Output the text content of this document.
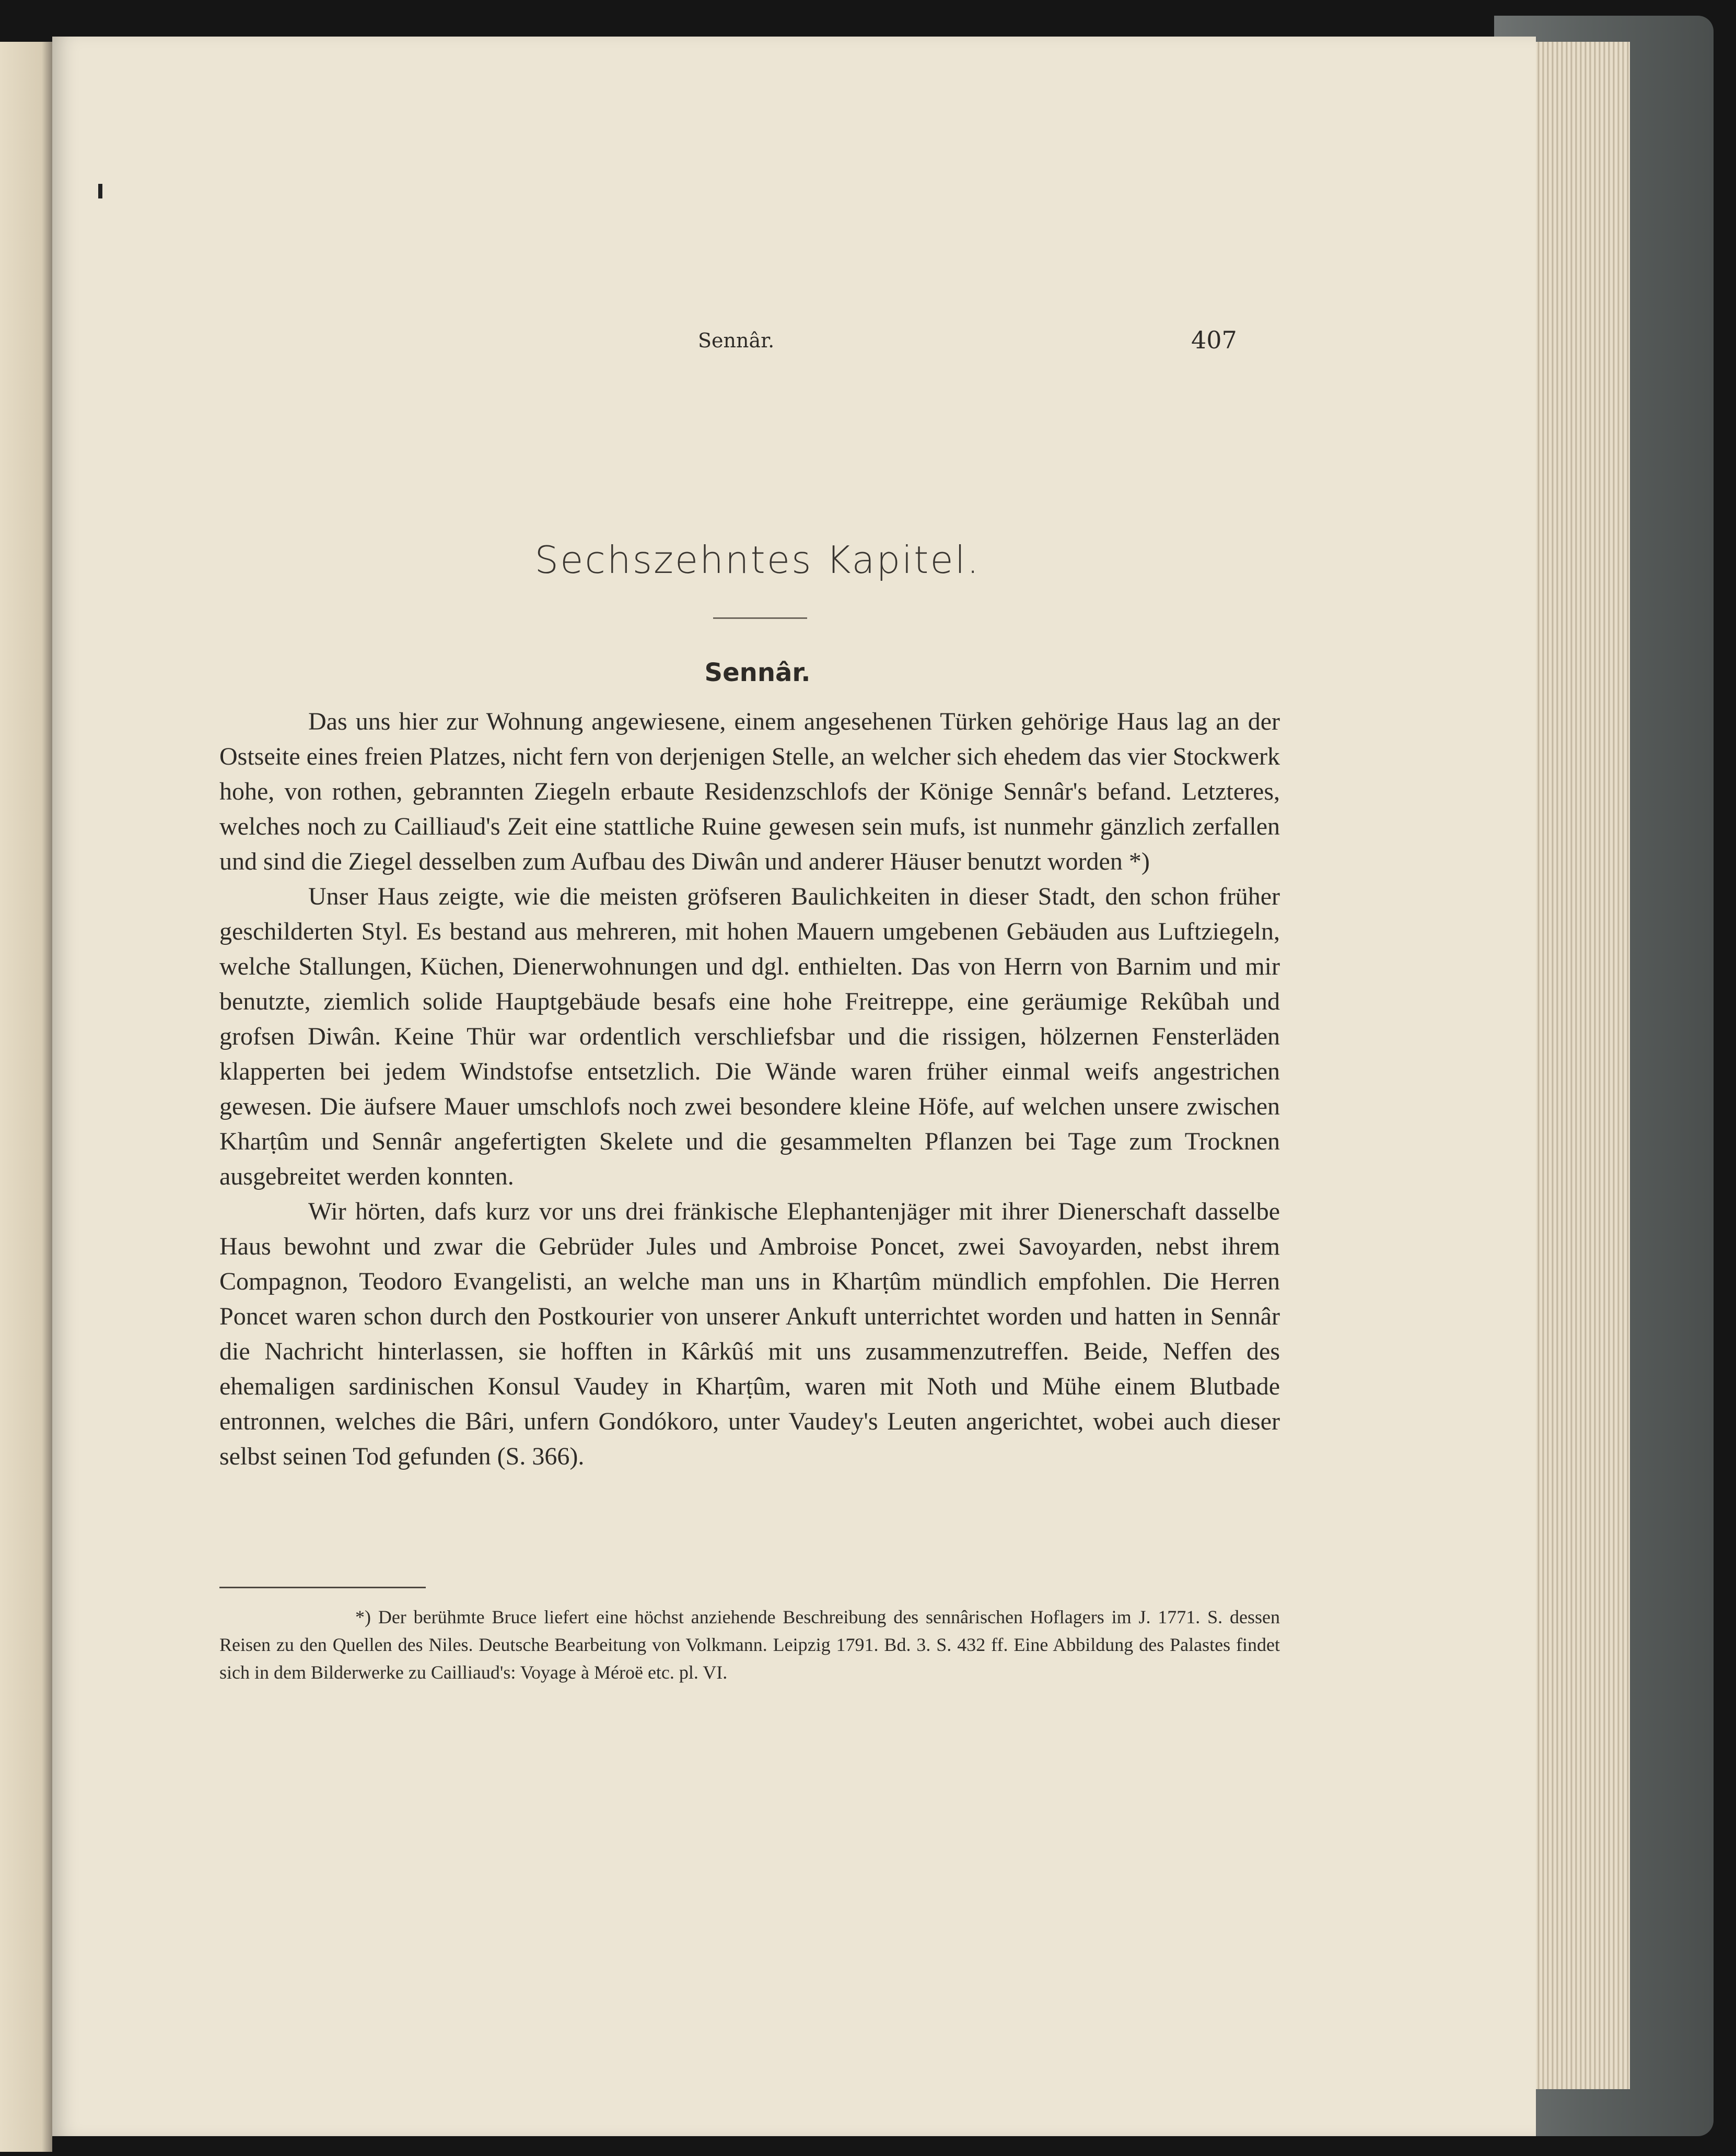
Sennâr.	407
Sechszehntes Kapitel.
Sennâr.

Das uns hier zur Wohnung angewiesene, einem angesehenen Türken gehörige Haus lag an der Ostseite eines freien Platzes, nicht fern von derjenigen Stelle, an welcher sich ehedem das vier Stockwerk hohe, von rothen, gebrannten Ziegeln erbaute Residenzschlofs der Könige Sennâr's befand. Letzteres, welches noch zu Cailliaud's Zeit eine stattliche Ruine gewesen sein mufs, ist nunmehr gänzlich zerfallen und sind die Ziegel desselben zum Aufbau des Diwân und anderer Häuser benutzt worden *)

Unser Haus zeigte, wie die meisten gröfseren Baulichkeiten in dieser Stadt, den schon früher geschilderten Styl. Es bestand aus mehreren, mit hohen Mauern umgebenen Gebäuden aus Luftziegeln, welche Stallungen, Küchen, Dienerwohnungen und dgl. enthielten. Das von Herrn von Barnim und mir benutzte, ziemlich solide Hauptgebäude besafs eine hohe Freitreppe, eine geräumige Rekûbah und grofsen Diwân. Keine Thür war ordentlich verschliefsbar und die rissigen, hölzernen Fensterläden klapperten bei jedem Windstofse entsetzlich. Die Wände waren früher einmal weifs angestrichen gewesen. Die äufsere Mauer umschlofs noch zwei besondere kleine Höfe, auf welchen unsere zwischen Kharṭûm und Sennâr angefertigten Skelete und die gesammelten Pflanzen bei Tage zum Trocknen ausgebreitet werden konnten.

Wir hörten, dafs kurz vor uns drei fränkische Elephantenjäger mit ihrer Dienerschaft dasselbe Haus bewohnt und zwar die Gebrüder Jules und Ambroise Poncet, zwei Savoyarden, nebst ihrem Compagnon, Teodoro Evangelisti, an welche man uns in Kharṭûm mündlich empfohlen. Die Herren Poncet waren schon durch den Postkourier von unserer Ankuft unterrichtet worden und hatten in Sennâr die Nachricht hinterlassen, sie hofften in Kârkûś mit uns zusammenzutreffen. Beide, Neffen des ehemaligen sardinischen Konsul Vaudey in Kharṭûm, waren mit Noth und Mühe einem Blutbade entronnen, welches die Bâri, unfern Gondókoro, unter Vaudey's Leuten angerichtet, wobei auch dieser selbst seinen Tod gefunden (S. 366).

*) Der berühmte Bruce liefert eine höchst anziehende Beschreibung des sennârischen Hoflagers im J. 1771. S. dessen Reisen zu den Quellen des Niles. Deutsche Bearbeitung von Volkmann. Leipzig 1791. Bd. 3. S. 432 ff. Eine Abbildung des Palastes findet sich in dem Bilderwerke zu Cailliaud's: Voyage à Méroë etc. pl. VI.
